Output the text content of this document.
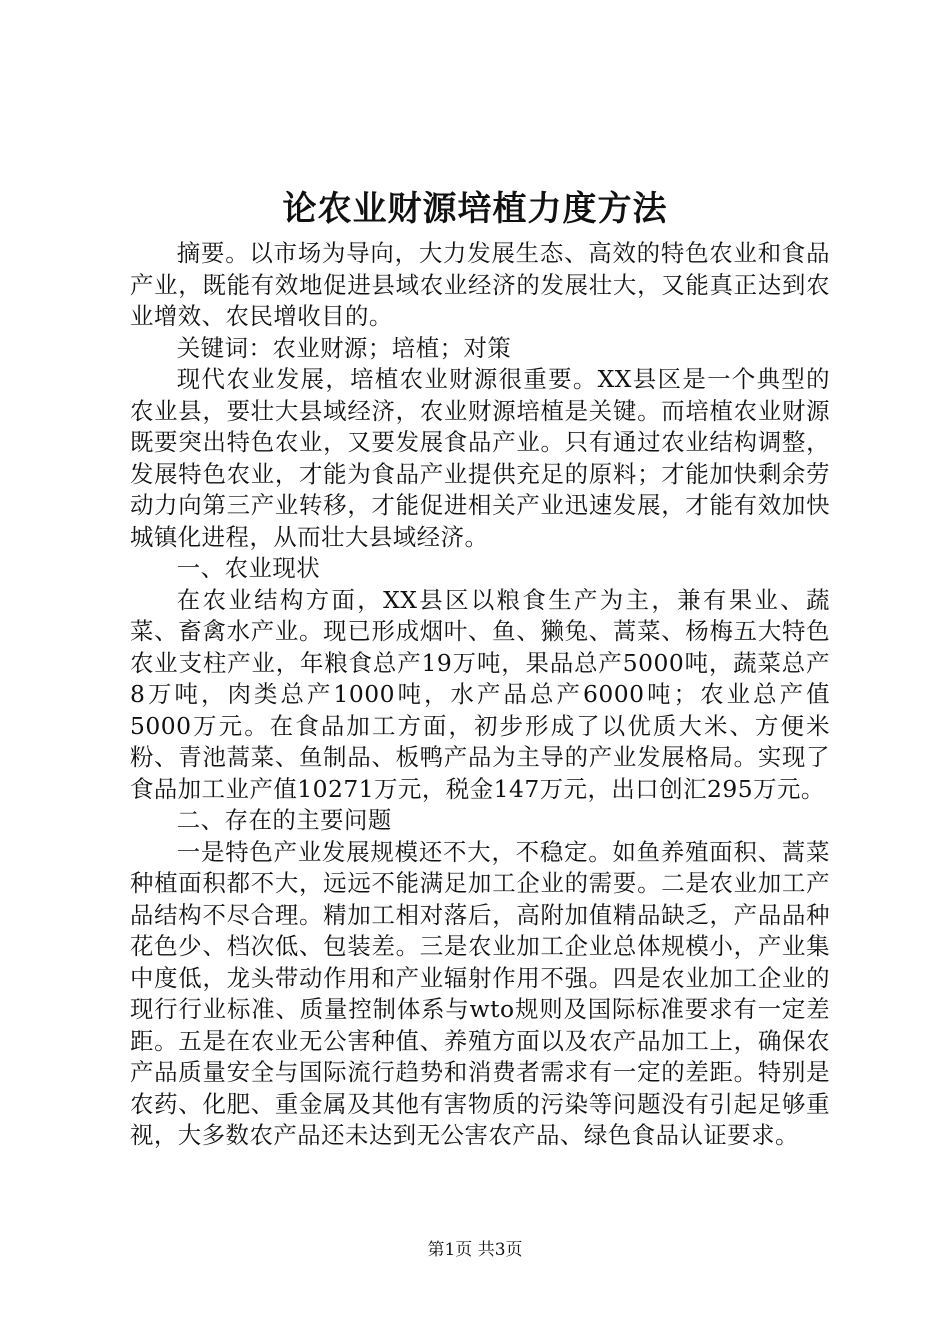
论农业财源培植力度方法

摘要。以市场为导向，大力发展生态、高效的特色农业和食品产业，既能有效地促进县域农业经济的发展壮大，又能真正达到农业增效、农民增收目的。

关键词：农业财源；培植；对策

现代农业发展，培植农业财源很重要。XX县区是一个典型的农业县，要壮大县域经济，农业财源培植是关键。而培植农业财源既要突出特色农业，又要发展食品产业。只有通过农业结构调整，发展特色农业，才能为食品产业提供充足的原料；才能加快剩余劳动力向第三产业转移，才能促进相关产业迅速发展，才能有效加快城镇化进程，从而壮大县域经济。

一、农业现状

在农业结构方面，XX县区以粮食生产为主，兼有果业、蔬菜、畜禽水产业。现已形成烟叶、鱼、獭兔、蒿菜、杨梅五大特色农业支柱产业，年粮食总产19万吨，果品总产5000吨，蔬菜总产8万吨，肉类总产1000吨，水产品总产6000吨；农业总产值5000万元。在食品加工方面，初步形成了以优质大米、方便米粉、青池蒿菜、鱼制品、板鸭产品为主导的产业发展格局。实现了食品加工业产值10271万元，税金147万元，出口创汇295万元。

二、存在的主要问题

一是特色产业发展规模还不大，不稳定。如鱼养殖面积、蒿菜种植面积都不大，远远不能满足加工企业的需要。二是农业加工产品结构不尽合理。精加工相对落后，高附加值精品缺乏，产品品种花色少、档次低、包装差。三是农业加工企业总体规模小，产业集中度低，龙头带动作用和产业辐射作用不强。四是农业加工企业的现行行业标准、质量控制体系与wto规则及国际标准要求有一定差距。五是在农业无公害种值、养殖方面以及农产品加工上，确保农产品质量安全与国际流行趋势和消费者需求有一定的差距。特别是农药、化肥、重金属及其他有害物质的污染等问题没有引起足够重视，大多数农产品还未达到无公害农产品、绿色食品认证要求。

第1页 共3页
